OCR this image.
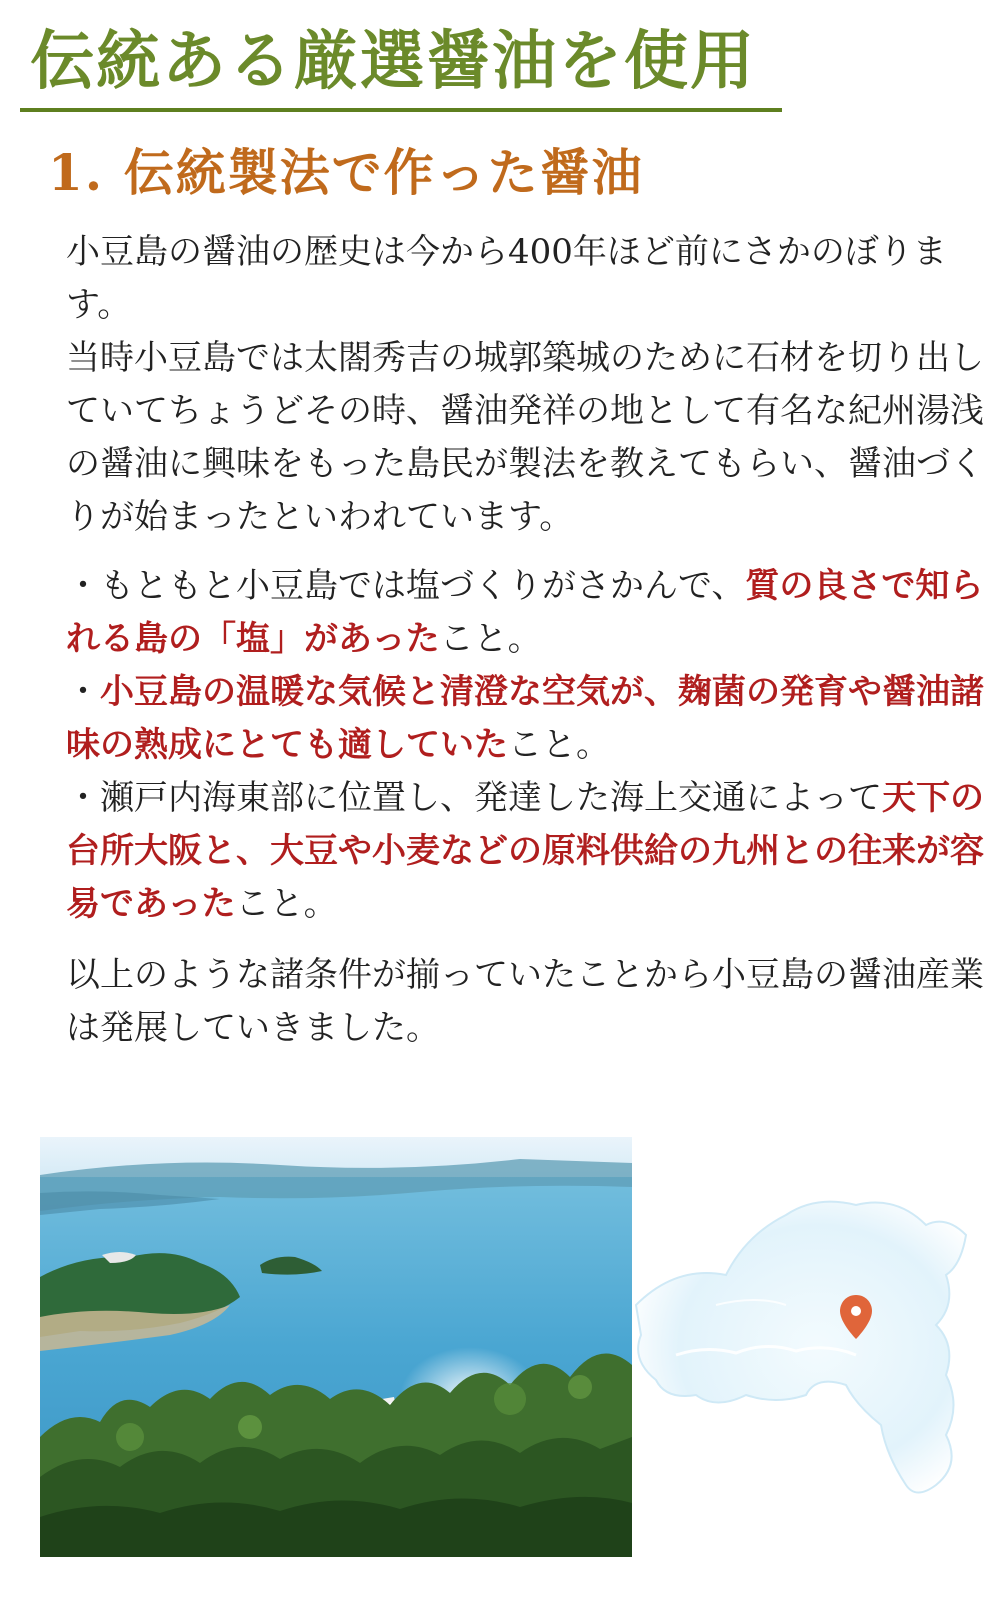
伝統ある厳選醤油を使用
1. 伝統製法で作った醤油

小豆島の醤油の歴史は今から400年ほど前にさかのぼります。

当時小豆島では太閤秀吉の城郭築城のために石材を切り出していてちょうどその時、醤油発祥の地として有名な紀州湯浅の醤油に興味をもった島民が製法を教えてもらい、醤油づくりが始まったといわれています。

・もともと小豆島では塩づくりがさかんで、質の良さで知られる島の「塩」があったこと。

・小豆島の温暖な気候と清澄な空気が、麹菌の発育や醤油諸味の熟成にとても適していたこと。

・瀬戸内海東部に位置し、発達した海上交通によって天下の台所大阪と、大豆や小麦などの原料供給の九州との往来が容易であったこと。

以上のような諸条件が揃っていたことから小豆島の醤油産業は発展していきました。
